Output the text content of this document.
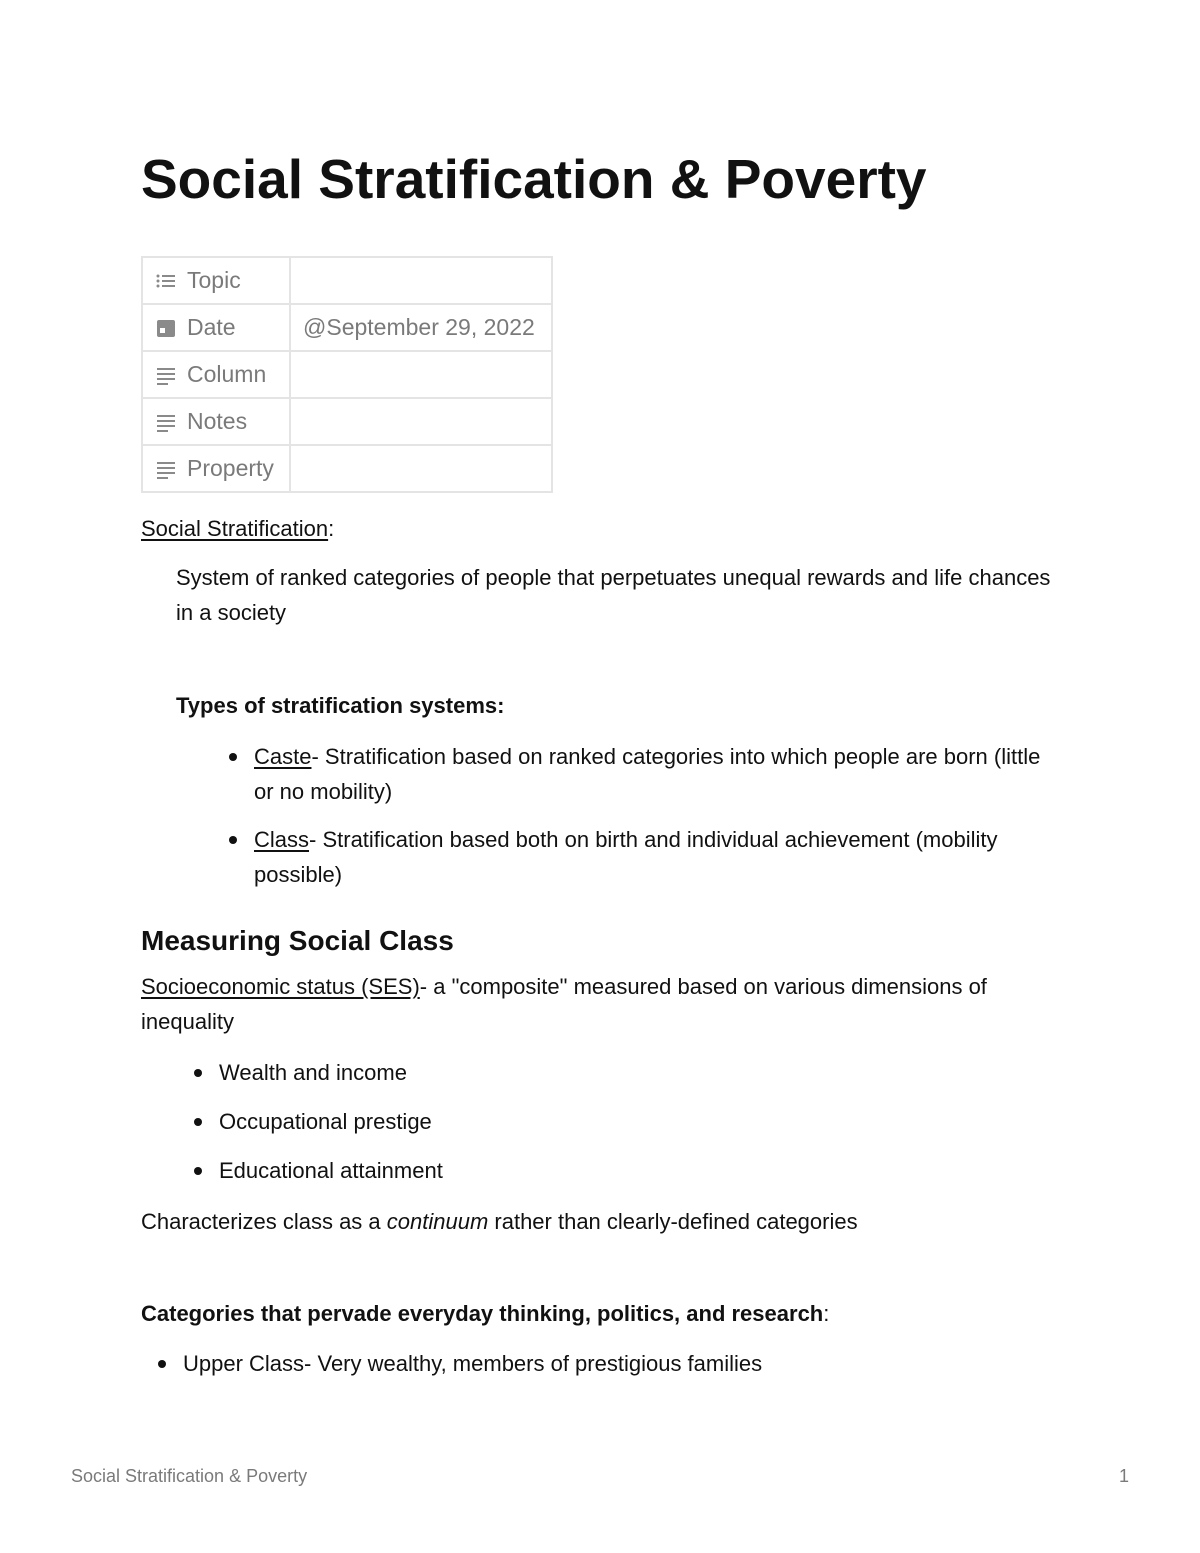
Social Stratification & Poverty
Topic	

Date	@September 29, 2022

Column	

Notes	

Property	

Social Stratification:

System of ranked categories of people that perpetuates unequal rewards and life chances in a society

Types of stratification systems:

Caste- Stratification based on ranked categories into which people are born (little or no mobility)
Class- Stratification based both on birth and individual achievement (mobility possible)
Measuring Social Class

Socioeconomic status (SES)- a "composite" measured based on various dimensions of inequality

Wealth and income
Occupational prestige
Educational attainment

Characterizes class as a continuum rather than clearly-defined categories

Categories that pervade everyday thinking, politics, and research:

Upper Class- Very wealthy, members of prestigious families
Social Stratification & Poverty	1
